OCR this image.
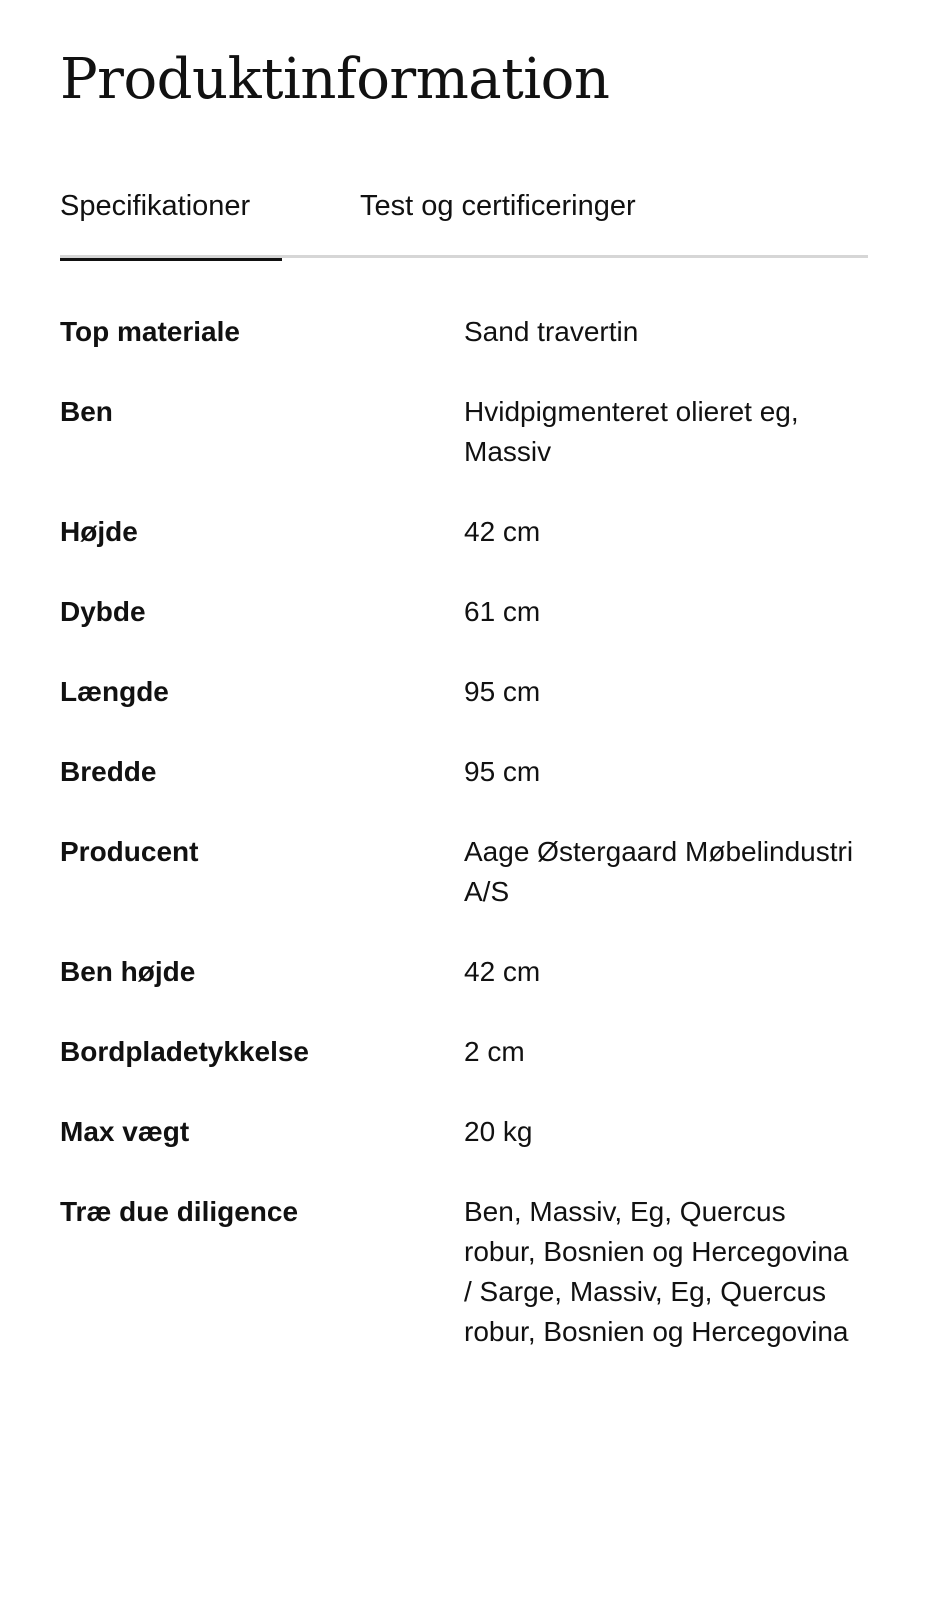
Produktinformation
Specifikationer	Test og certificeringer
Top materiale	Sand travertin
Ben	Hvidpigmenteret olieret eg, Massiv
Højde	42 cm
Dybde	61 cm
Længde	95 cm
Bredde	95 cm
Producent	Aage Østergaard Møbelindustri A/S
Ben højde	42 cm
Bordpladetykkelse	2 cm
Max vægt	20 kg
Træ due diligence	Ben, Massiv, Eg, Quercus robur, Bosnien og Hercegovina / Sarge, Massiv, Eg, Quercus robur, Bosnien og Hercegovina
